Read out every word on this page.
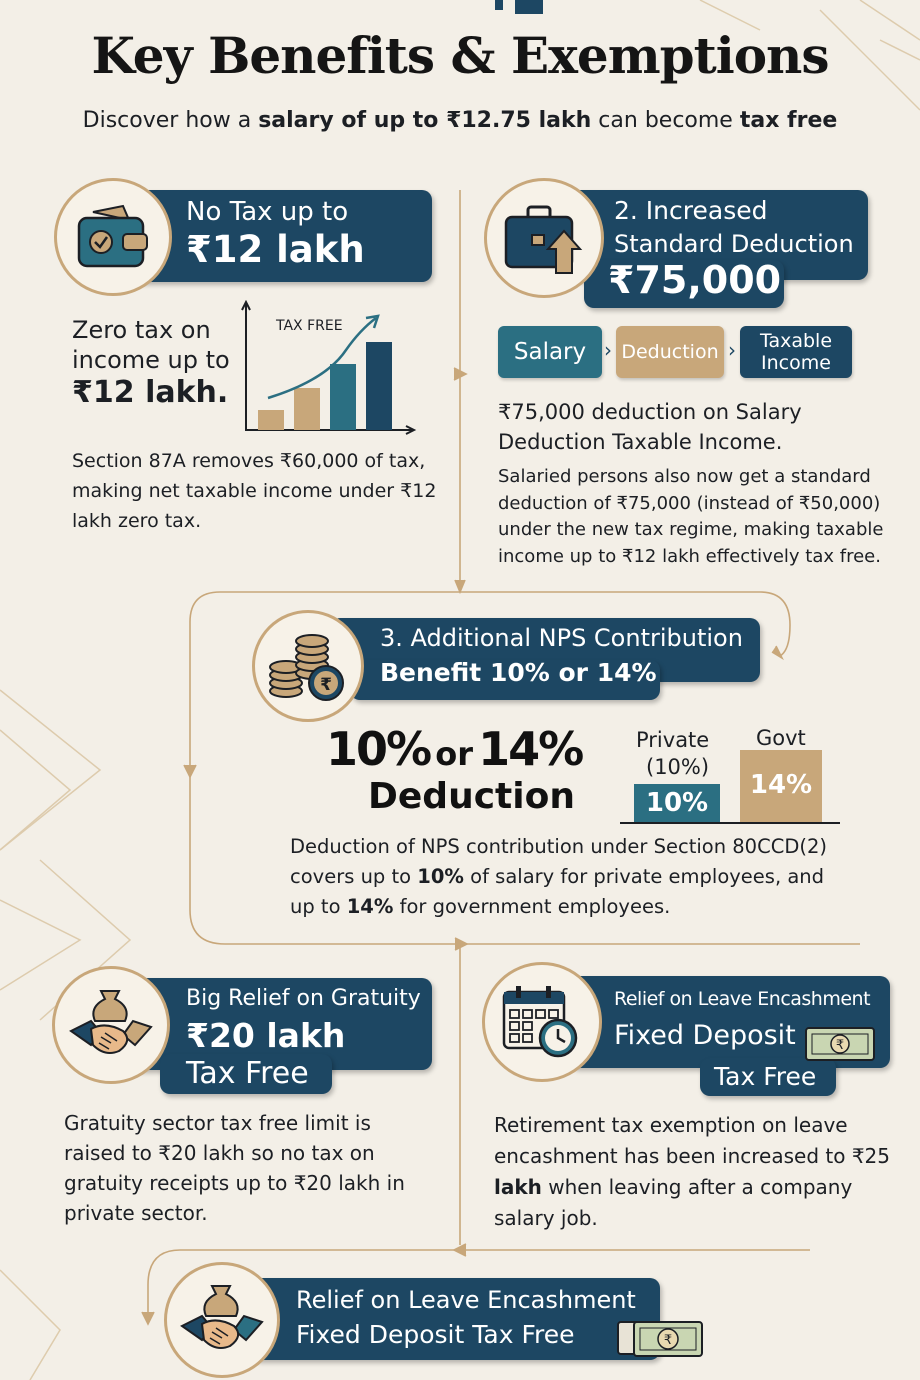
Key Benefits & Exemptions

Discover how a salary of up to ₹12.75 lakh can become tax free

No Tax up to
₹12 lakh
Zero tax on
income up to
₹12 lakh.
TAX FREE

Section 87A removes ₹60,000 of tax, making net taxable income under ₹12 lakh zero tax.

2. Increased
Standard Deduction
₹75,000
Salary › Deduction › Taxable
Income
₹75,000 deduction on Salary
Deduction Taxable Income.

Salaried persons also now get a standard deduction of ₹75,000 (instead of ₹50,000) under the new tax regime, making taxable income up to ₹12 lakh effectively tax free.

3. Additional NPS Contribution
Benefit 10% or 14%
₹
10% or 14%
Deduction
Private
(10%)
Govt
10%
14%

Deduction of NPS contribution under Section 80CCD(2) covers up to 10% of salary for private employees, and up to 14% for government employees.

Big Relief on Gratuity
₹20 lakh
Tax Free

Gratuity sector tax free limit is raised to ₹20 lakh so no tax on gratuity receipts up to ₹20 lakh in private sector.

Relief on Leave Encashment
Fixed Deposit
Tax Free
₹

Retirement tax exemption on leave encashment has been increased to ₹25 lakh when leaving after a company salary job.

Relief on Leave Encashment
Fixed Deposit Tax Free	₹
